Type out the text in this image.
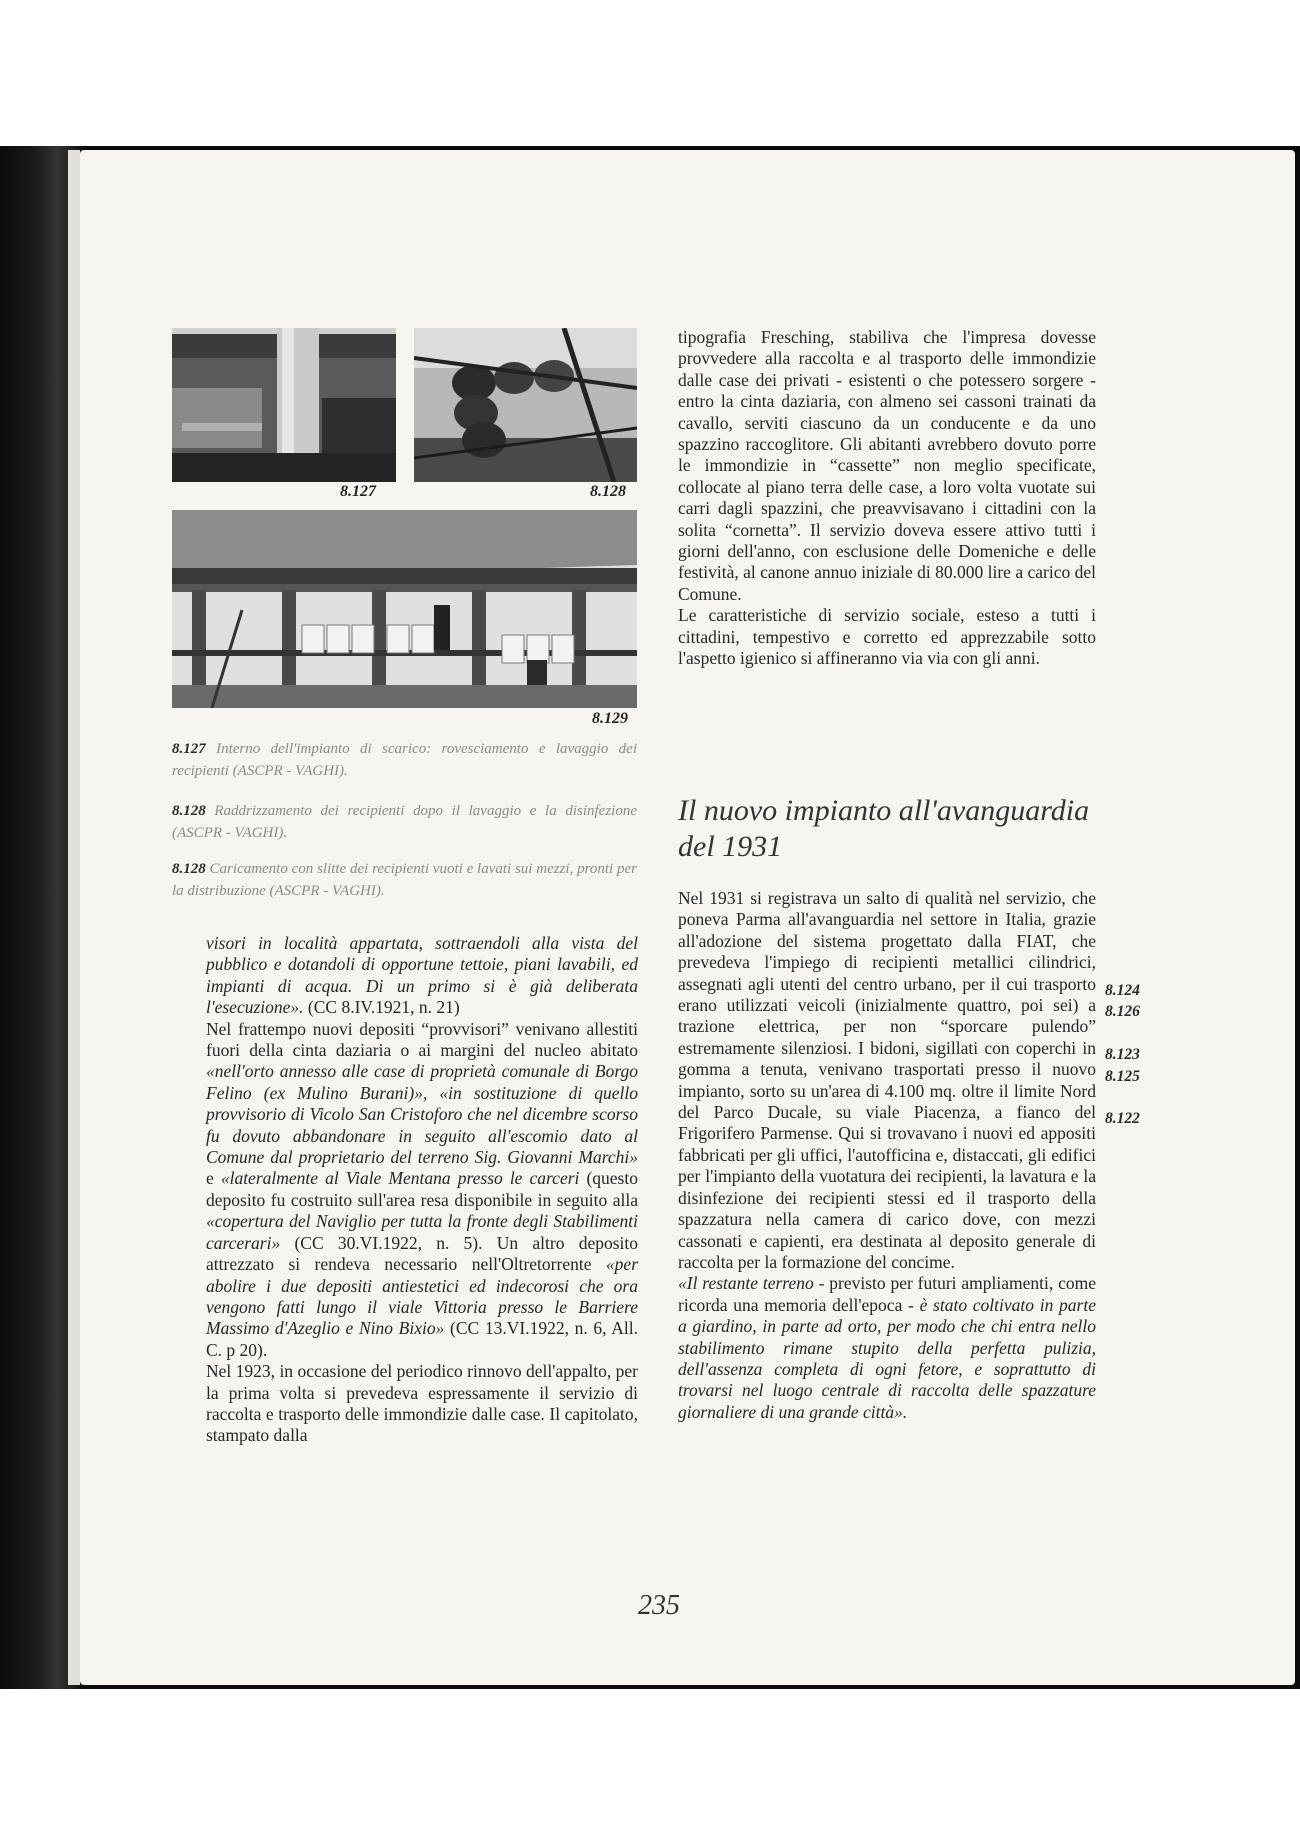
8.127	8.128
8.129
8.127 Interno dell'impianto di scarico: rovesciamento e lavaggio dei recipienti (ASCPR - VAGHI).
8.128 Raddrizzamento dei recipienti dopo il lavaggio e la disinfezione (ASCPR - VAGHI).
8.128 Caricamento con slitte dei recipienti vuoti e lavati sui mezzi, pronti per la distribuzione (ASCPR - VAGHI).

visori in località appartata, sottraendoli alla vista del pubblico e dotandoli di opportune tettoie, piani lavabili, ed impianti di acqua. Di un primo si è già deliberata l'esecuzione». (CC 8.IV.1921, n. 21)

Nel frattempo nuovi depositi “provvisori” venivano allestiti fuori della cinta daziaria o ai margini del nucleo abitato «nell'orto annesso alle case di proprietà comunale di Borgo Felino (ex Mulino Burani)», «in sostituzione di quello provvisorio di Vicolo San Cristoforo che nel dicembre scorso fu dovuto abbandonare in seguito all'escomio dato al Comune dal proprietario del terreno Sig. Giovanni Marchi» e «lateralmente al Viale Mentana presso le carceri (questo deposito fu costruito sull'area resa disponibile in seguito alla «copertura del Naviglio per tutta la fronte degli Stabilimenti carcerari» (CC 30.VI.1922, n. 5). Un altro deposito attrezzato si rendeva necessario nell'Oltretorrente «per abolire i due depositi antiestetici ed indecorosi che ora vengono fatti lungo il viale Vittoria presso le Barriere Massimo d'Azeglio e Nino Bixio» (CC 13.VI.1922, n. 6, All. C. p 20).

Nel 1923, in occasione del periodico rinnovo dell'appalto, per la prima volta si prevedeva espressamente il servizio di raccolta e trasporto delle immondizie dalle case. Il capitolato, stampato dalla

tipografia Fresching, stabiliva che l'impresa dovesse provvedere alla raccolta e al trasporto delle immondizie dalle case dei privati - esistenti o che potessero sorgere - entro la cinta daziaria, con almeno sei cassoni trainati da cavallo, serviti ciascuno da un conducente e da uno spazzino raccoglitore. Gli abitanti avrebbero dovuto porre le immondizie in “cassette” non meglio specificate, collocate al piano terra delle case, a loro volta vuotate sui carri dagli spazzini, che preavvisavano i cittadini con la solita “cornetta”. Il servizio doveva essere attivo tutti i giorni dell'anno, con esclusione delle Domeniche e delle festività, al canone annuo iniziale di 80.000 lire a carico del Comune.

Le caratteristiche di servizio sociale, esteso a tutti i cittadini, tempestivo e corretto ed apprezzabile sotto l'aspetto igienico si affineranno via via con gli anni.

Il nuovo impianto all'avanguardia del 1931

Nel 1931 si registrava un salto di qualità nel servizio, che poneva Parma all'avanguardia nel settore in Italia, grazie all'adozione del sistema progettato dalla FIAT, che prevedeva l'impiego di recipienti metallici cilindrici, assegnati agli utenti del centro urbano, per il cui trasporto erano utilizzati veicoli (inizialmente quattro, poi sei) a trazione elettrica, per non “sporcare pulendo” estremamente silenziosi. I bidoni, sigillati con coperchi in gomma a tenuta, venivano trasportati presso il nuovo impianto, sorto su un'area di 4.100 mq. oltre il limite Nord del Parco Ducale, su viale Piacenza, a fianco del Frigorifero Parmense. Qui si trovavano i nuovi ed appositi fabbricati per gli uffici, l'autofficina e, distaccati, gli edifici per l'impianto della vuotatura dei recipienti, la lavatura e la disinfezione dei recipienti stessi ed il trasporto della spazzatura nella camera di carico dove, con mezzi cassonati e capienti, era destinata al deposito generale di raccolta per la formazione del concime.

«Il restante terreno - previsto per futuri ampliamenti, come ricorda una memoria dell'epoca - è stato coltivato in parte a giardino, in parte ad orto, per modo che chi entra nello stabilimento rimane stupito della perfetta pulizia, dell'assenza completa di ogni fetore, e soprattutto di trovarsi nel luogo centrale di raccolta delle spazzature giornaliere di una grande città».

8.124
8.126
8.123
8.125
8.122
235
